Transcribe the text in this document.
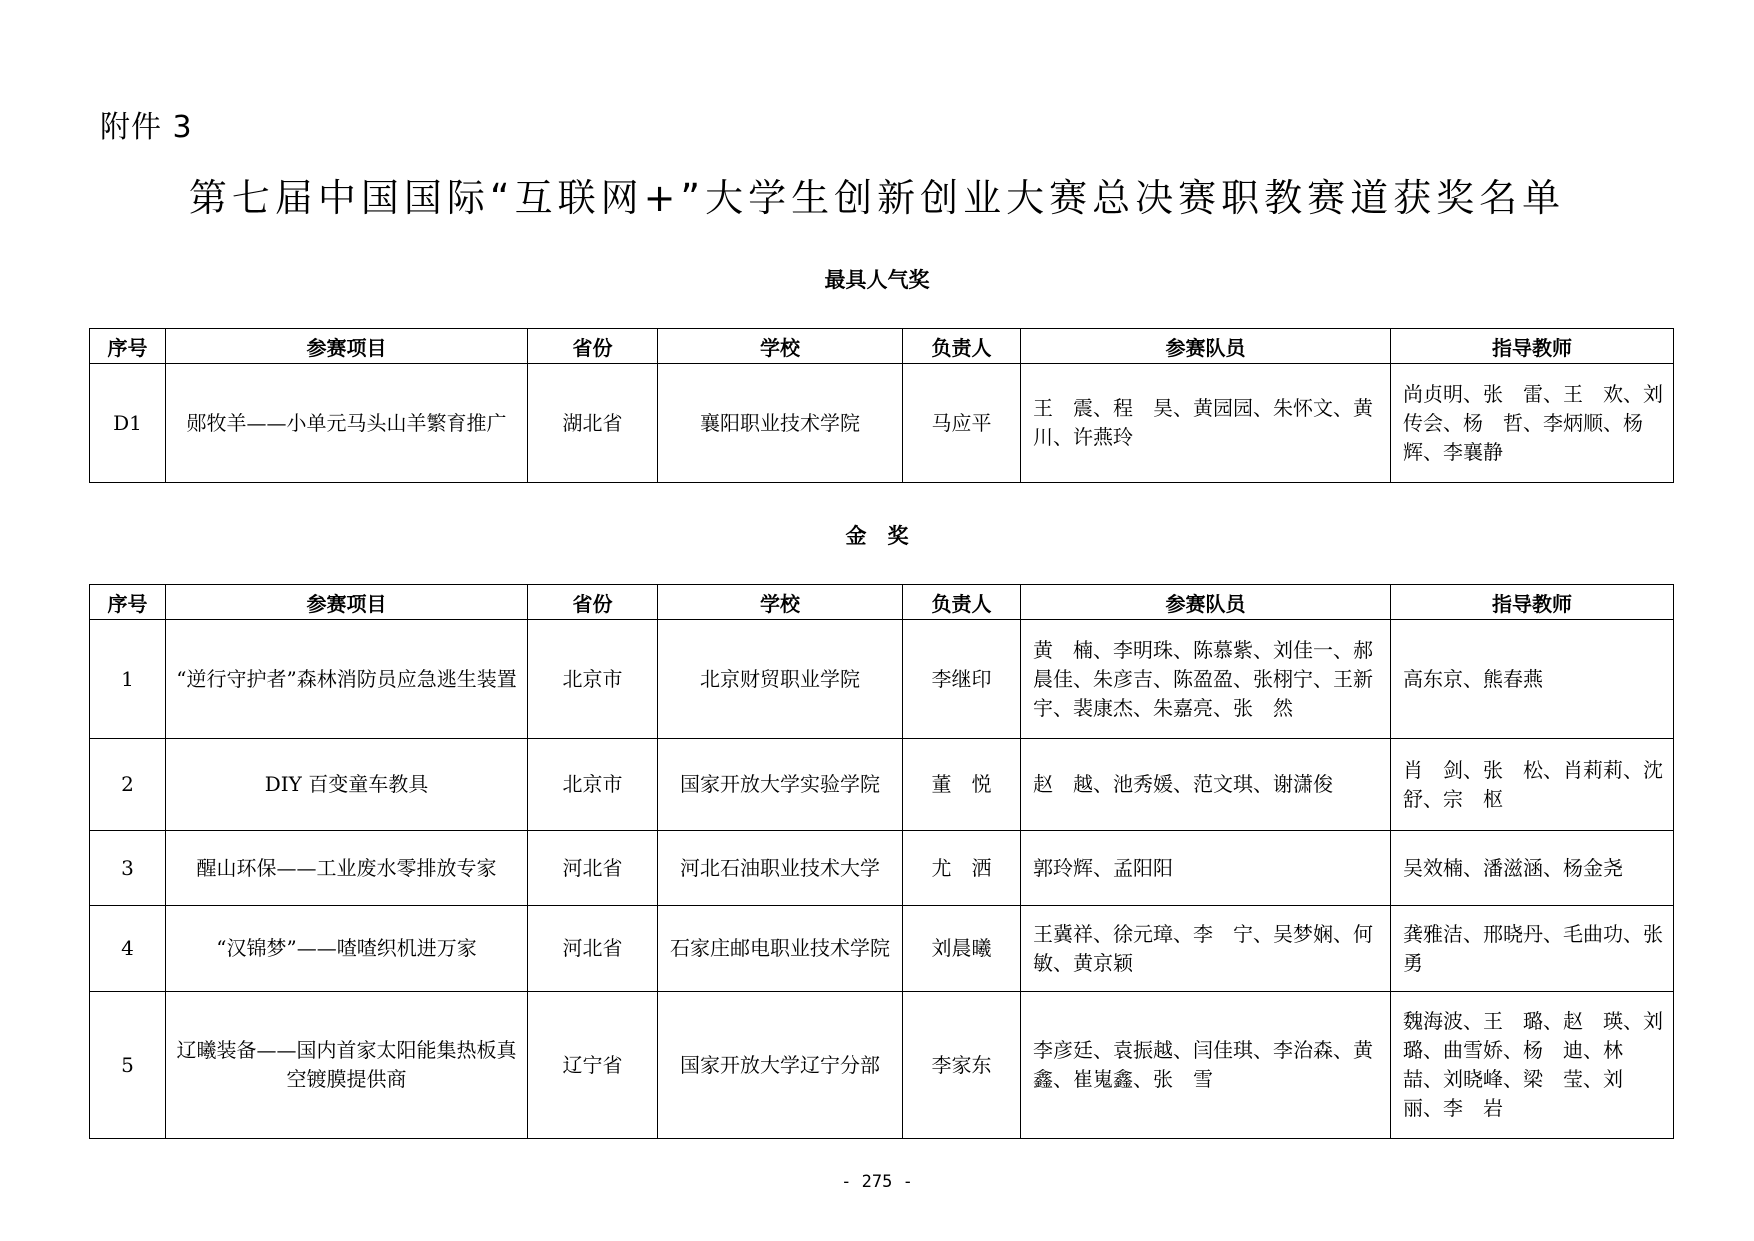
附件 3
第七届中国国际“互联网+”大学生创新创业大赛总决赛职教赛道获奖名单
最具人气奖
序号	参赛项目	省份	学校	负责人	参赛队员	指导教师
D1	郧牧羊——小单元马头山羊繁育推广	湖北省	襄阳职业技术学院	马应平	王　震、程　昊、黄园园、朱怀文、黄　川、许燕玲	尚贞明、张　雷、王　欢、刘传会、杨　哲、李炳顺、杨　辉、李襄静
金　奖
序号	参赛项目	省份	学校	负责人	参赛队员	指导教师
1	“逆行守护者”森林消防员应急逃生装置	北京市	北京财贸职业学院	李继印	黄　楠、李明珠、陈慕紫、刘佳一、郝晨佳、朱彦吉、陈盈盈、张栩宁、王新宇、裴康杰、朱嘉亮、张　然	高东京、熊春燕
2	DIY 百变童车教具	北京市	国家开放大学实验学院	董　悦	赵　越、池秀媛、范文琪、谢潇俊	肖　剑、张　松、肖莉莉、沈　舒、宗　枢
3	醒山环保——工业废水零排放专家	河北省	河北石油职业技术大学	尤　洒	郭玲辉、孟阳阳	吴效楠、潘滋涵、杨金尧
4	“汉锦梦”——喳喳织机进万家	河北省	石家庄邮电职业技术学院	刘晨曦	王冀祥、徐元璋、李　宁、吴梦娴、何　敏、黄京颖	龚雅洁、邢晓丹、毛曲功、张　勇
5	辽曦装备——国内首家太阳能集热板真空镀膜提供商	辽宁省	国家开放大学辽宁分部	李家东	李彦廷、袁振越、闫佳琪、李治森、黄　鑫、崔嵬鑫、张　雪	魏海波、王　璐、赵　瑛、刘　璐、曲雪娇、杨　迪、林　喆、刘晓峰、梁　莹、刘　丽、李　岩
- 275 -
